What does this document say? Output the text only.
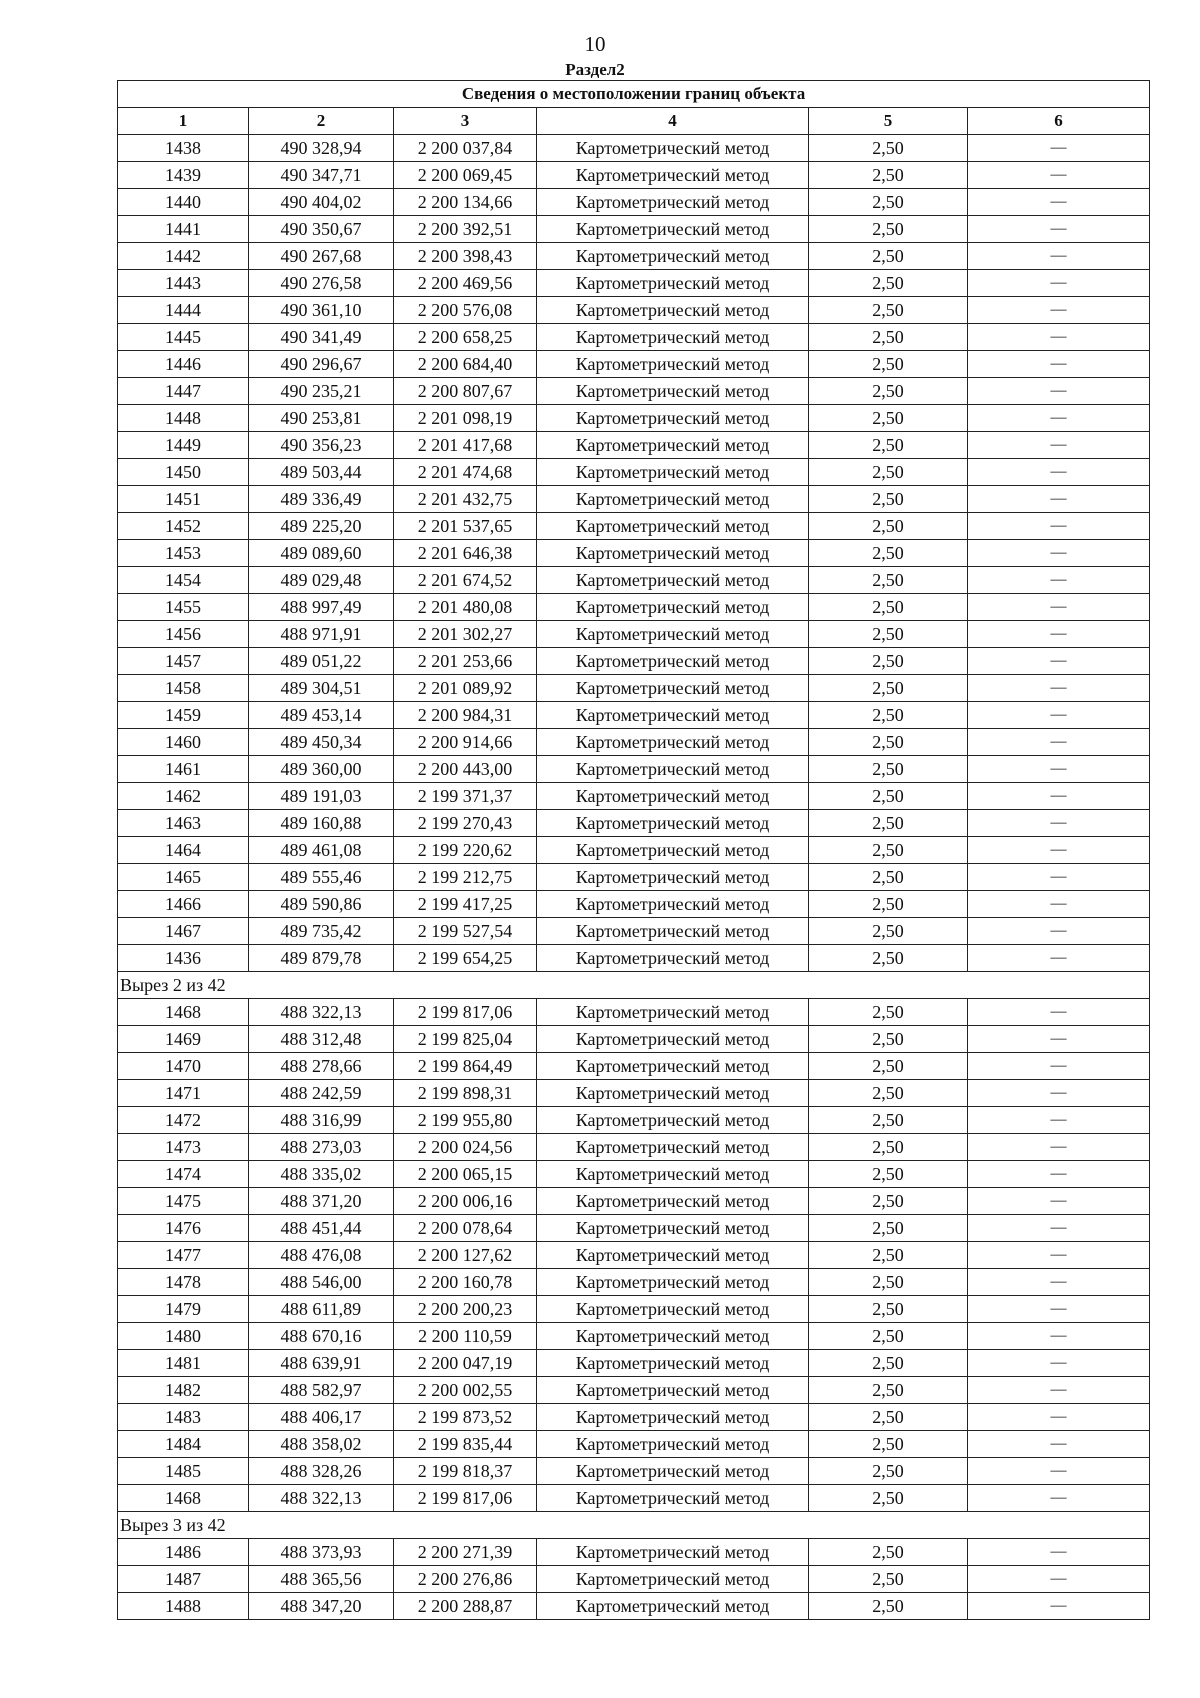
10
Раздел2
Сведения о местоположении границ объекта					
1	2	3	4	5	6
1438	490 328,94	2 200 037,84	Картометрический метод	2,50	—
1439	490 347,71	2 200 069,45	Картометрический метод	2,50	—
1440	490 404,02	2 200 134,66	Картометрический метод	2,50	—
1441	490 350,67	2 200 392,51	Картометрический метод	2,50	—
1442	490 267,68	2 200 398,43	Картометрический метод	2,50	—
1443	490 276,58	2 200 469,56	Картометрический метод	2,50	—
1444	490 361,10	2 200 576,08	Картометрический метод	2,50	—
1445	490 341,49	2 200 658,25	Картометрический метод	2,50	—
1446	490 296,67	2 200 684,40	Картометрический метод	2,50	—
1447	490 235,21	2 200 807,67	Картометрический метод	2,50	—
1448	490 253,81	2 201 098,19	Картометрический метод	2,50	—
1449	490 356,23	2 201 417,68	Картометрический метод	2,50	—
1450	489 503,44	2 201 474,68	Картометрический метод	2,50	—
1451	489 336,49	2 201 432,75	Картометрический метод	2,50	—
1452	489 225,20	2 201 537,65	Картометрический метод	2,50	—
1453	489 089,60	2 201 646,38	Картометрический метод	2,50	—
1454	489 029,48	2 201 674,52	Картометрический метод	2,50	—
1455	488 997,49	2 201 480,08	Картометрический метод	2,50	—
1456	488 971,91	2 201 302,27	Картометрический метод	2,50	—
1457	489 051,22	2 201 253,66	Картометрический метод	2,50	—
1458	489 304,51	2 201 089,92	Картометрический метод	2,50	—
1459	489 453,14	2 200 984,31	Картометрический метод	2,50	—
1460	489 450,34	2 200 914,66	Картометрический метод	2,50	—
1461	489 360,00	2 200 443,00	Картометрический метод	2,50	—
1462	489 191,03	2 199 371,37	Картометрический метод	2,50	—
1463	489 160,88	2 199 270,43	Картометрический метод	2,50	—
1464	489 461,08	2 199 220,62	Картометрический метод	2,50	—
1465	489 555,46	2 199 212,75	Картометрический метод	2,50	—
1466	489 590,86	2 199 417,25	Картометрический метод	2,50	—
1467	489 735,42	2 199 527,54	Картометрический метод	2,50	—
1436	489 879,78	2 199 654,25	Картометрический метод	2,50	—
Вырез 2 из 42					
1468	488 322,13	2 199 817,06	Картометрический метод	2,50	—
1469	488 312,48	2 199 825,04	Картометрический метод	2,50	—
1470	488 278,66	2 199 864,49	Картометрический метод	2,50	—
1471	488 242,59	2 199 898,31	Картометрический метод	2,50	—
1472	488 316,99	2 199 955,80	Картометрический метод	2,50	—
1473	488 273,03	2 200 024,56	Картометрический метод	2,50	—
1474	488 335,02	2 200 065,15	Картометрический метод	2,50	—
1475	488 371,20	2 200 006,16	Картометрический метод	2,50	—
1476	488 451,44	2 200 078,64	Картометрический метод	2,50	—
1477	488 476,08	2 200 127,62	Картометрический метод	2,50	—
1478	488 546,00	2 200 160,78	Картометрический метод	2,50	—
1479	488 611,89	2 200 200,23	Картометрический метод	2,50	—
1480	488 670,16	2 200 110,59	Картометрический метод	2,50	—
1481	488 639,91	2 200 047,19	Картометрический метод	2,50	—
1482	488 582,97	2 200 002,55	Картометрический метод	2,50	—
1483	488 406,17	2 199 873,52	Картометрический метод	2,50	—
1484	488 358,02	2 199 835,44	Картометрический метод	2,50	—
1485	488 328,26	2 199 818,37	Картометрический метод	2,50	—
1468	488 322,13	2 199 817,06	Картометрический метод	2,50	—
Вырез 3 из 42					
1486	488 373,93	2 200 271,39	Картометрический метод	2,50	—
1487	488 365,56	2 200 276,86	Картометрический метод	2,50	—
1488	488 347,20	2 200 288,87	Картометрический метод	2,50	—
